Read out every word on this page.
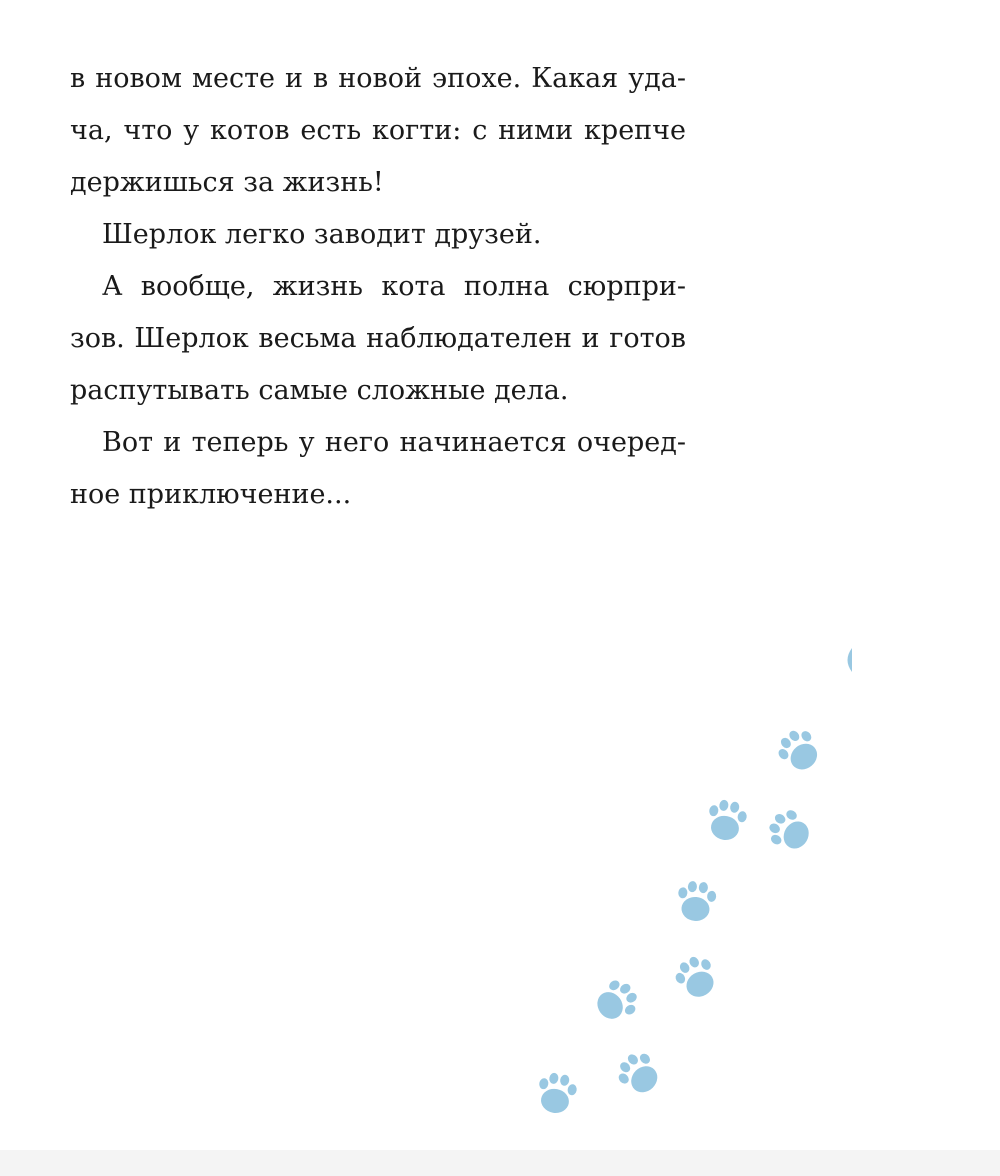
в новом месте и в новой эпохе. Какая уда-
ча, что у котов есть когти: с ними крепче
держишься за жизнь!
Шерлок легко заводит друзей.
А вообще, жизнь кота полна сюрпри-
зов. Шерлок весьма наблюдателен и готов
распутывать самые сложные дела.
Вот и теперь у него начинается очеред-
ное приключение...
